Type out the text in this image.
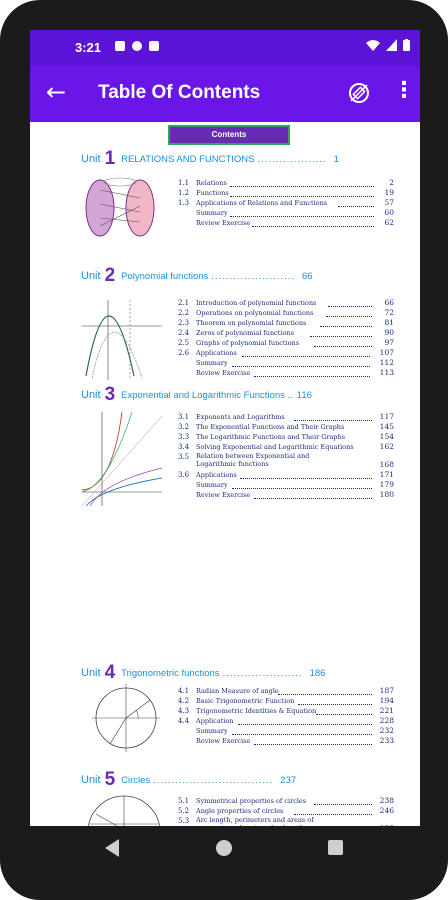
3:21
← Table Of Contents	⋮
Contents
Unit 1 RELATIONS AND FUNCTIONS ................... 1
1.1	Relations	2
1.2	Functions	19
1.3	Applications of Relations and Functions	57
Summary	60
Review Exercise	62
Unit 2 Polynomial functions ....................... 66
2.1	Introduction of polynomial functions	66
2.2	Operations on polynomial functions	72
2.3	Theorem on polynomial functions	81
2.4	Zeros of polynomial functions	90
2.5	Graphs of polynomial functions	97
2.6	Applications	107
Summary	112
Review Exercise	113
Unit 3 Exponential and Logarithmic Functions .. 116
3.1	Exponents and Logarithms	117
3.2	The Exponential Functions and Their Graphs	145
3.3	The Logarithmic Functions and Their Graphs	154
3.4	Solving Exponential and Logarithmic Equations	162
3.5	Relation between Exponential and Logarithmic functions	168
3.6	Applications	171
Summary	179
Review Exercise	180
Unit 4 Trigonometric functions ...................... 186
4.1	Radian Measure of angle	187
4.2	Basic Trigonometric Function	194
4.3	Trigonometric Identities & Equation	221
4.4	Application	228
Summary	232
Review Exercise	233
Unit 5 Circles ................................. 237
5.1	Symmetrical properties of circles	238
5.2	Angle properties of circles	246
5.3	Arc length, perimeters and areas of
